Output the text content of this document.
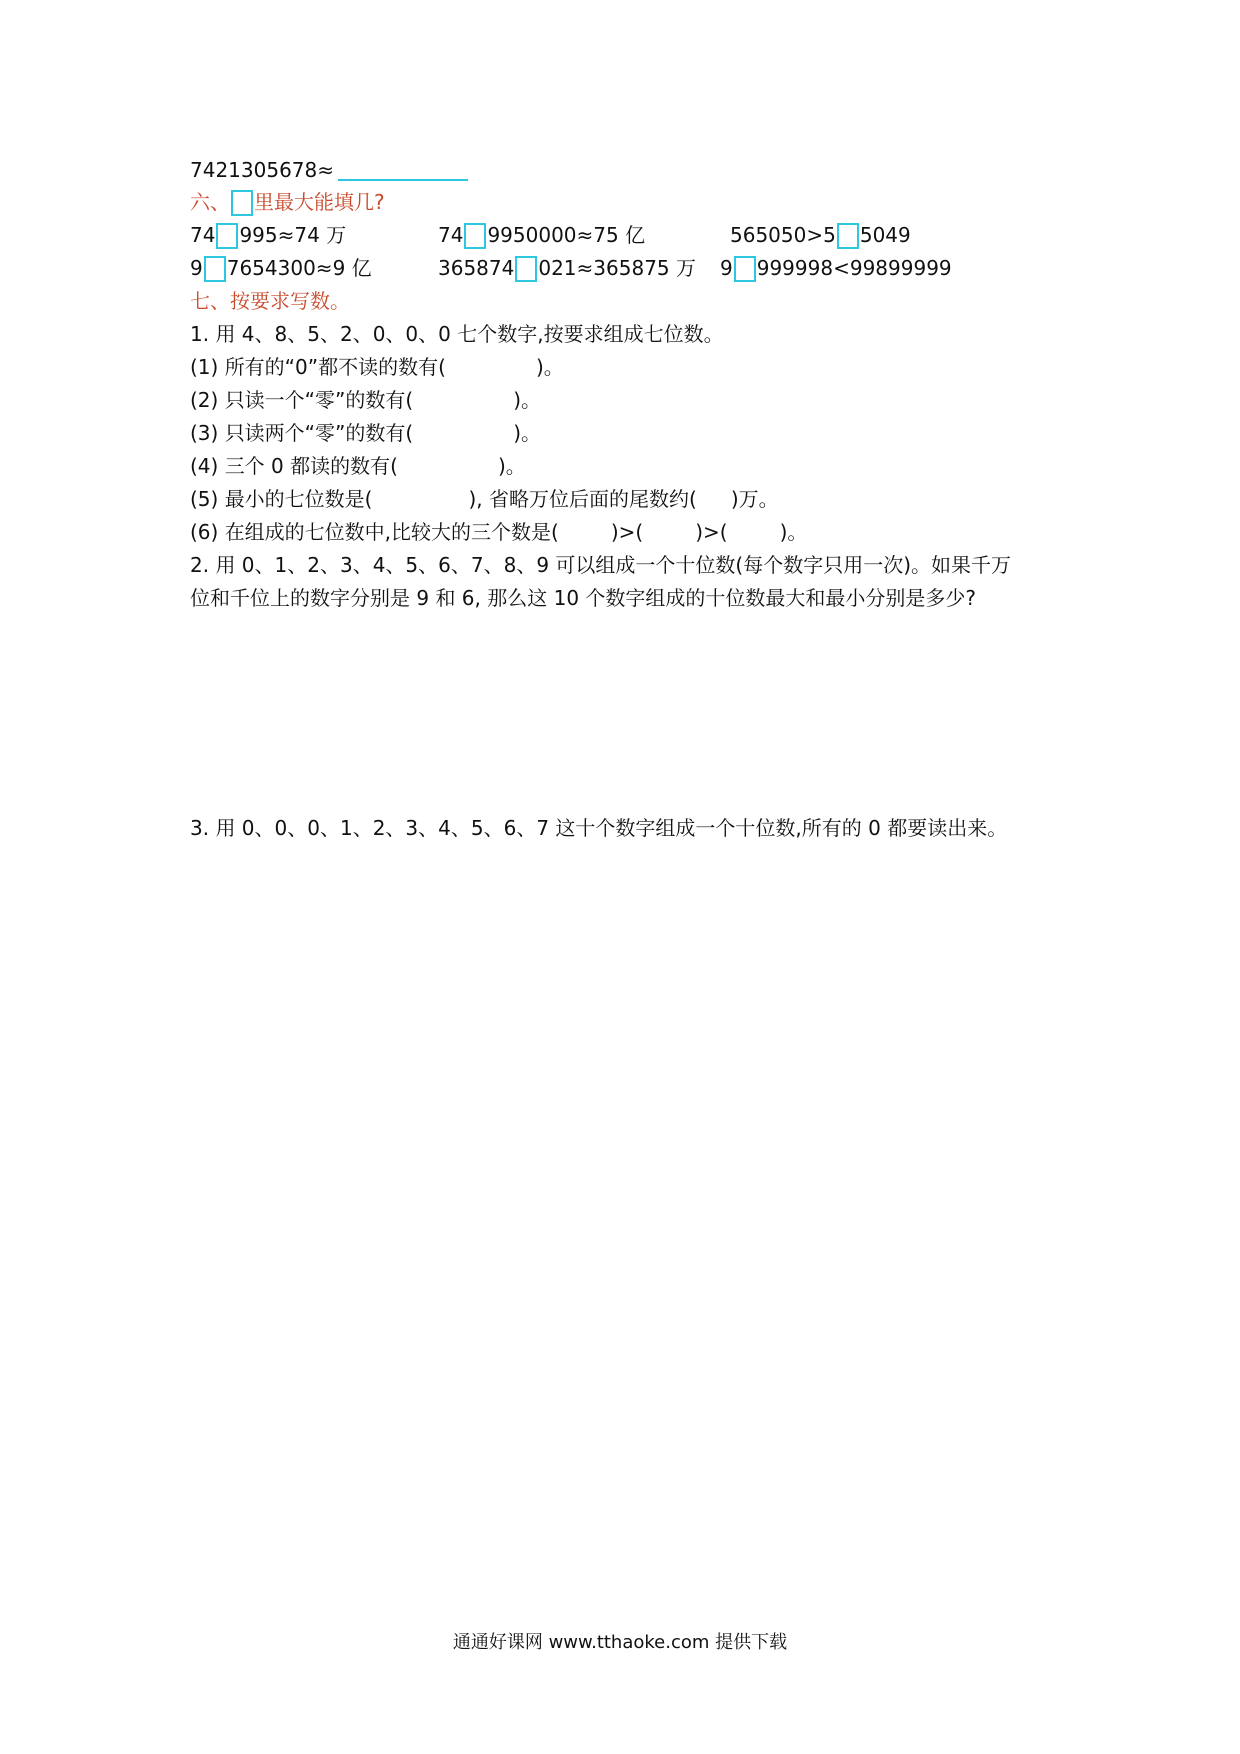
7421305678≈
六、 里最大能填几?
74 995≈74 万	74 9950000≈75 亿	565050>5 5049
9 7654300≈9 亿	365874 021≈365875 万 9 999998<99899999
七、按要求写数。
1. 用 4、8、5、2、0、0、0 七个数字,按要求组成七位数。
(1) 所有的“0”都不读的数有(	)。
(2) 只读一个“零”的数有(	)。
(3) 只读两个“零”的数有(	)。
(4) 三个 0 都读的数有(	)。
(5) 最小的七位数是(	), 省略万位后面的尾数约( )万。
(6) 在组成的七位数中,比较大的三个数是(	)>(	)>(	)。
2. 用 0、1、2、3、4、5、6、7、8、9 可以组成一个十位数(每个数字只用一次)。如果千万
位和千位上的数字分别是 9 和 6, 那么这 10 个数字组成的十位数最大和最小分别是多少?
3. 用 0、0、0、1、2、3、4、5、6、7 这十个数字组成一个十位数,所有的 0 都要读出来。
通通好课网 www.tthaoke.com 提供下载
